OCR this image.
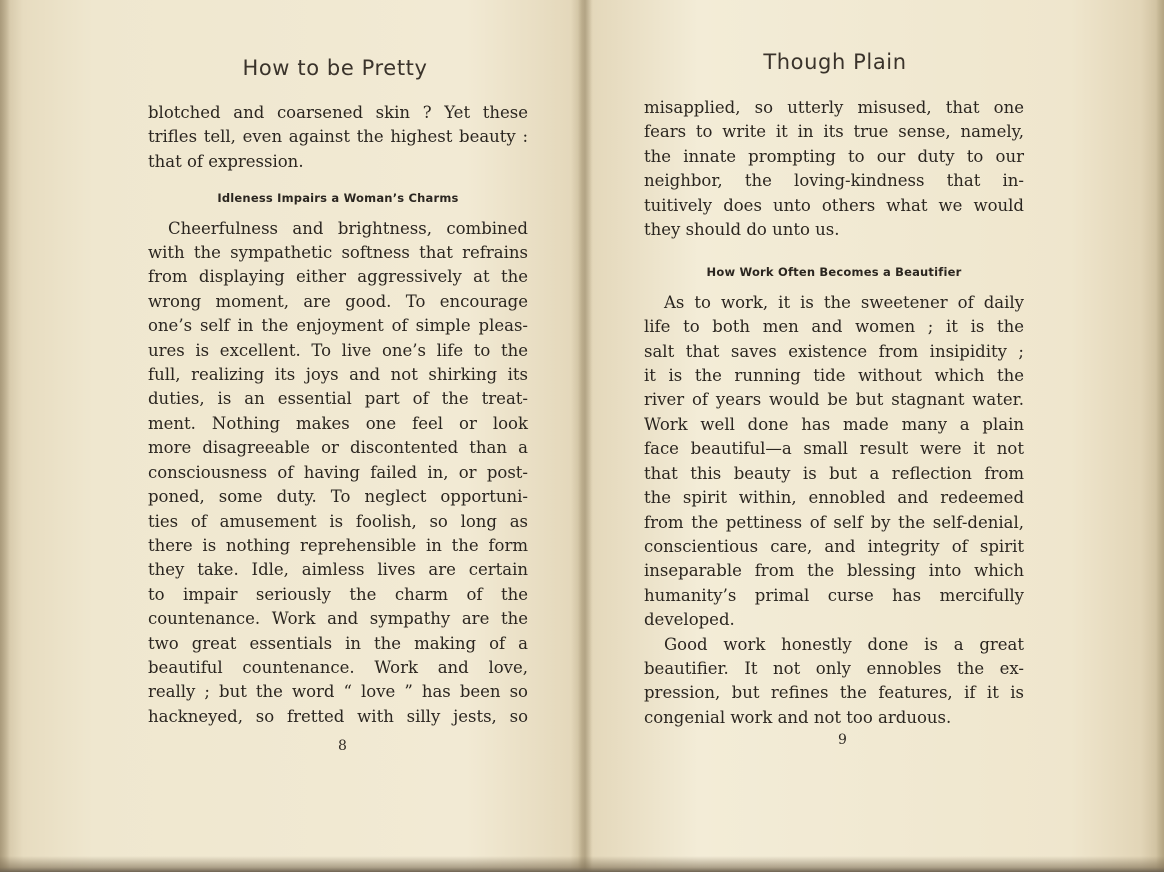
How to be Pretty
blotched and coarsened skin ? Yet these
trifles tell, even against the highest beauty :
that of expression.
Idleness Impairs a Woman’s Charms
Cheerfulness and brightness, combined
with the sympathetic softness that refrains
from displaying either aggressively at the
wrong moment, are good. To encourage
one’s self in the enjoyment of simple pleas-
ures is excellent. To live one’s life to the
full, realizing its joys and not shirking its
duties, is an essential part of the treat-
ment. Nothing makes one feel or look
more disagreeable or discontented than a
consciousness of having failed in, or post-
poned, some duty. To neglect opportuni-
ties of amusement is foolish, so long as
there is nothing reprehensible in the form
they take. Idle, aimless lives are certain
to impair seriously the charm of the
countenance. Work and sympathy are the
two great essentials in the making of a
beautiful countenance. Work and love,
really ; but the word “ love ” has been so
hackneyed, so fretted with silly jests, so
8
Though Plain
misapplied, so utterly misused, that one
fears to write it in its true sense, namely,
the innate prompting to our duty to our
neighbor, the loving-kindness that in-
tuitively does unto others what we would
they should do unto us.
How Work Often Becomes a Beautifier
As to work, it is the sweetener of daily
life to both men and women ; it is the
salt that saves existence from insipidity ;
it is the running tide without which the
river of years would be but stagnant water.
Work well done has made many a plain
face beautiful—a small result were it not
that this beauty is but a reflection from
the spirit within, ennobled and redeemed
from the pettiness of self by the self-denial,
conscientious care, and integrity of spirit
inseparable from the blessing into which
humanity’s primal curse has mercifully
developed.
Good work honestly done is a great
beautifier. It not only ennobles the ex-
pression, but refines the features, if it is
congenial work and not too arduous.
9
